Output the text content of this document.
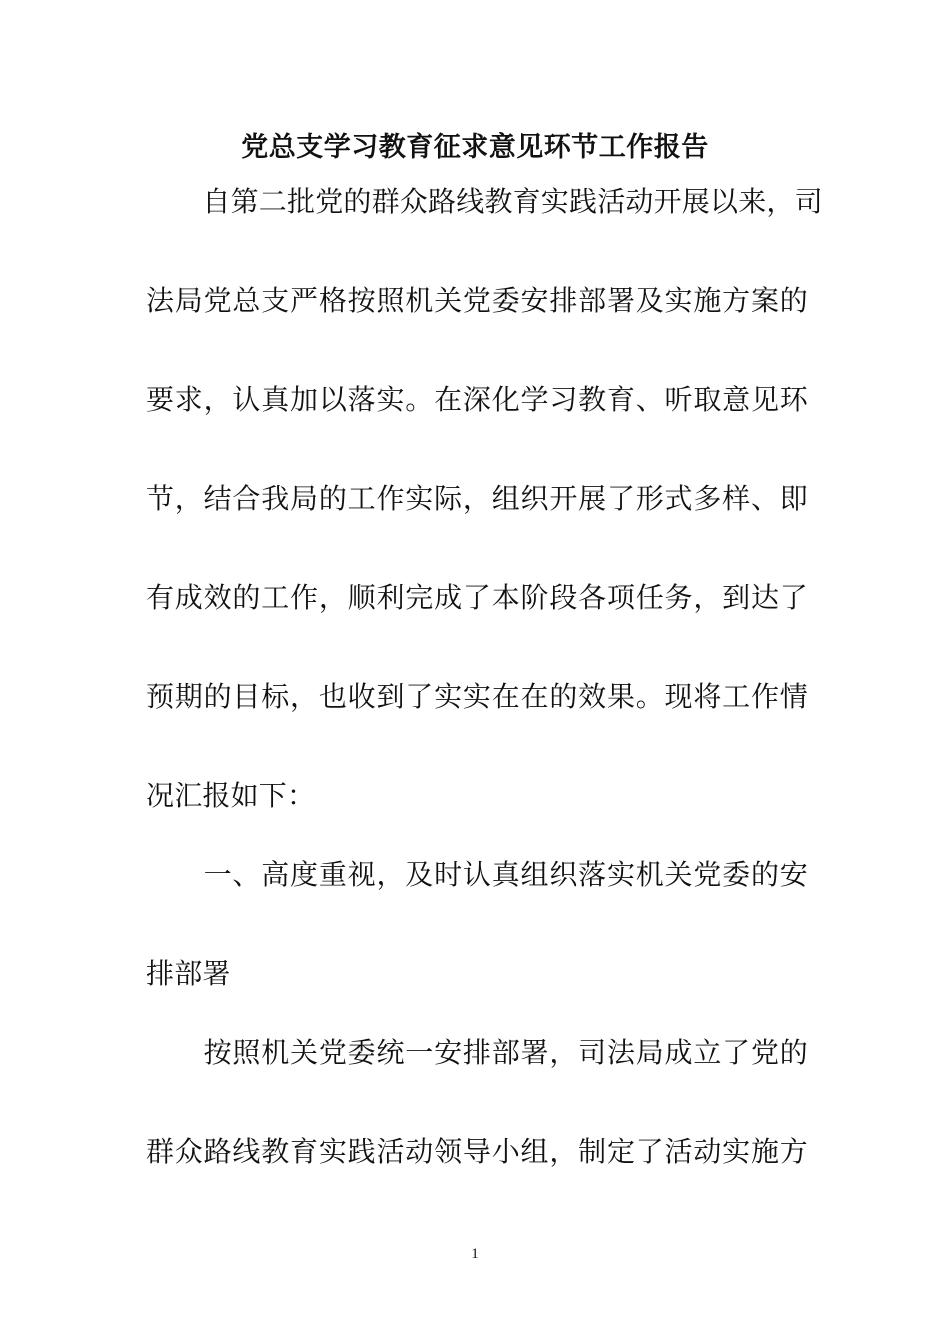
党总支学习教育征求意见环节工作报告

　　自第二批党的群众路线教育实践活动开展以来，司

法局党总支严格按照机关党委安排部署及实施方案的

要求，认真加以落实。在深化学习教育、听取意见环

节，结合我局的工作实际，组织开展了形式多样、即

有成效的工作，顺利完成了本阶段各项任务，到达了

预期的目标，也收到了实实在在的效果。现将工作情

况汇报如下：

　　一、高度重视，及时认真组织落实机关党委的安

排部署

　　按照机关党委统一安排部署，司法局成立了党的

群众路线教育实践活动领导小组，制定了活动实施方

1
